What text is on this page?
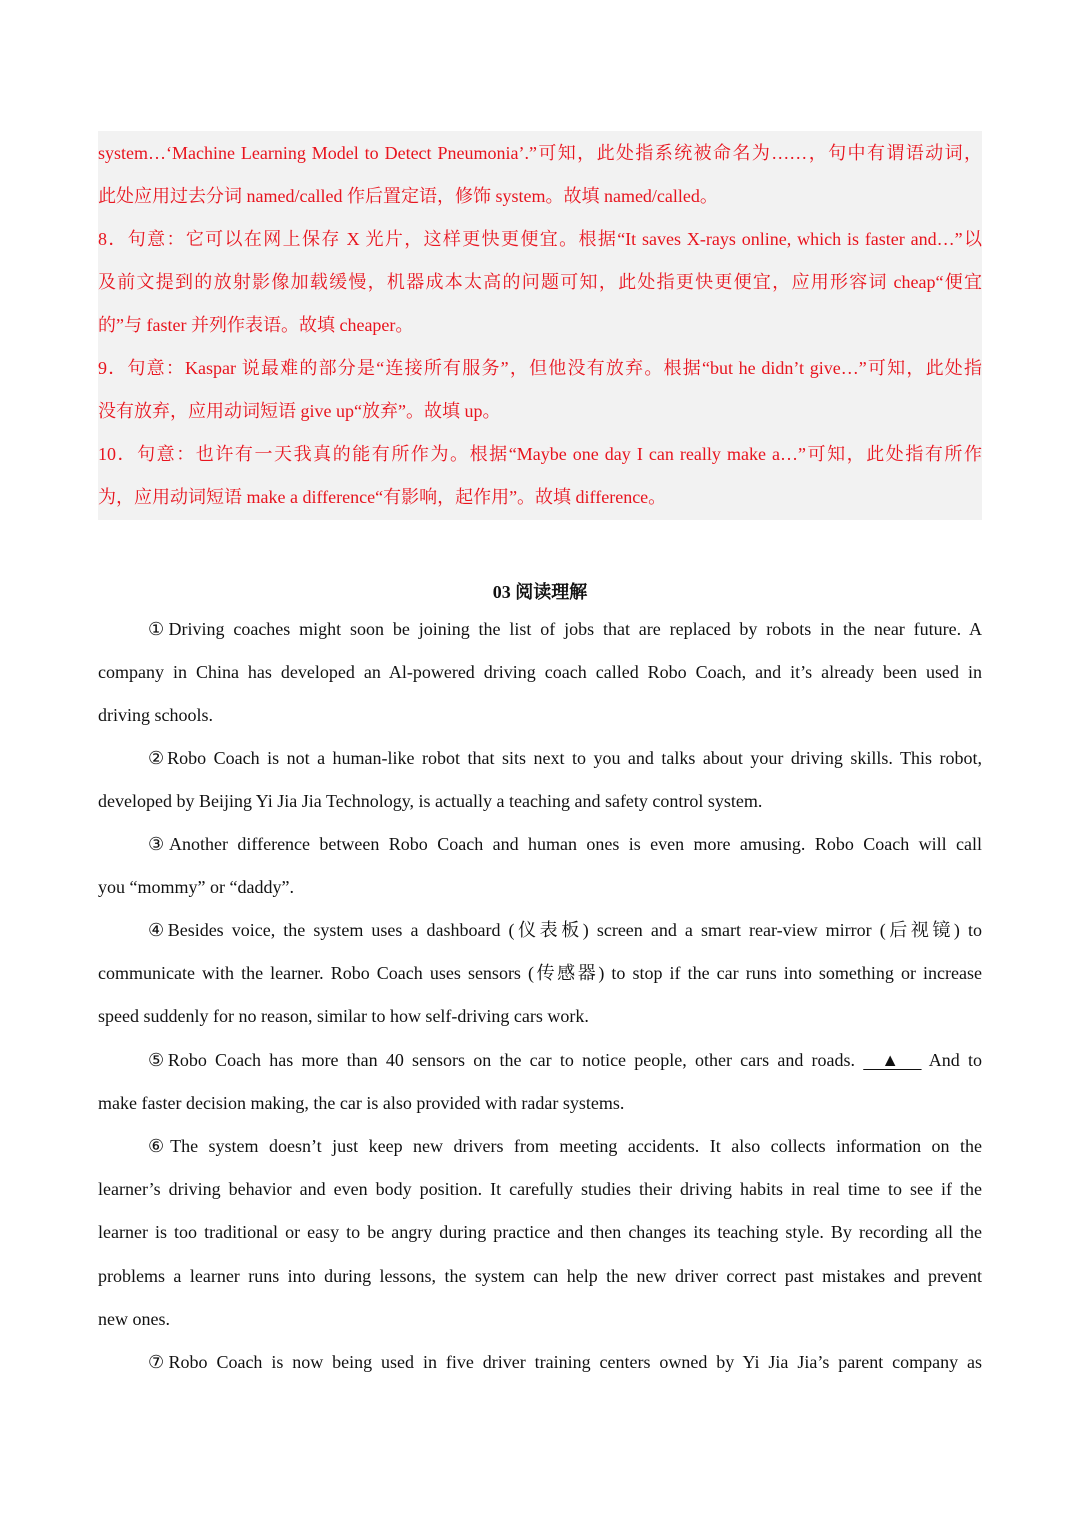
system…‘Machine Learning Model to Detect Pneumonia’.”可知，此处指系统被命名为……，句中有谓语动词，
此处应用过去分词 named/called 作后置定语，修饰 system。故填 named/called。
8．句意：它可以在网上保存 X 光片，这样更快更便宜。根据“It saves X-rays online, which is faster and…”以
及前文提到的放射影像加载缓慢，机器成本太高的问题可知，此处指更快更便宜，应用形容词 cheap“便宜
的”与 faster 并列作表语。故填 cheaper。
9．句意：Kaspar 说最难的部分是“连接所有服务”，但他没有放弃。根据“but he didn’t give…”可知，此处指
没有放弃，应用动词短语 give up“放弃”。故填 up。
10．句意：也许有一天我真的能有所作为。根据“Maybe one day I can really make a…”可知，此处指有所作
为，应用动词短语 make a difference“有影响，起作用”。故填 difference。
03 阅读理解
①Driving coaches might soon be joining the list of jobs that are replaced by robots in the near future. A
company in China has developed an Al-powered driving coach called Robo Coach, and it’s already been used in
driving schools.
②Robo Coach is not a human-like robot that sits next to you and talks about your driving skills. This robot,
developed by Beijing Yi Jia Jia Technology, is actually a teaching and safety control system.
③Another difference between Robo Coach and human ones is even more amusing. Robo Coach will call
you “mommy” or “daddy”.
④Besides voice, the system uses a dashboard (仪表板) screen and a smart rear-view mirror (后视镜) to
communicate with the learner. Robo Coach uses sensors (传感器) to stop if the car runs into something or increase
speed suddenly for no reason, similar to how self-driving cars work.
⑤Robo Coach has more than 40 sensors on the car to notice people, other cars and roads.     ▲      And to
make faster decision making, the car is also provided with radar systems.
⑥The system doesn’t just keep new drivers from meeting accidents. It also collects information on the
learner’s driving behavior and even body position. It carefully studies their driving habits in real time to see if the
learner is too traditional or easy to be angry during practice and then changes its teaching style. By recording all the
problems a learner runs into during lessons, the system can help the new driver correct past mistakes and prevent
new ones.
⑦Robo Coach is now being used in five driver training centers owned by Yi Jia Jia’s parent company as
